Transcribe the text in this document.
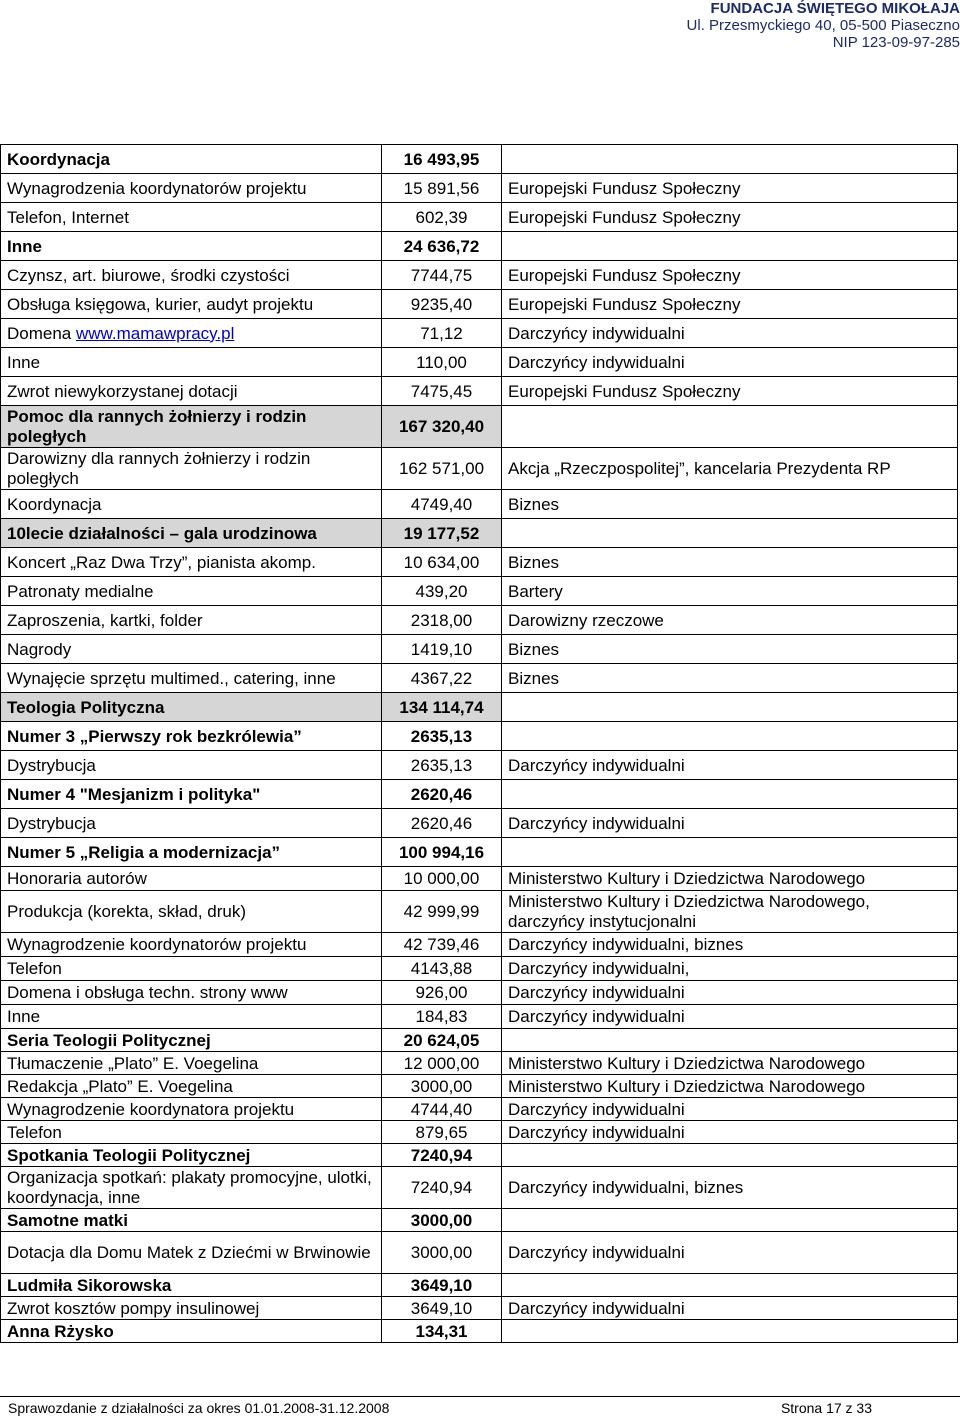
FUNDACJA ŚWIĘTEGO MIKOŁAJA
Ul. Przesmyckiego 40, 05-500 Piaseczno
NIP 123-09-97-285
Koordynacja	16 493,95	
Wynagrodzenia koordynatorów projektu	15 891,56	Europejski Fundusz Społeczny
Telefon, Internet	602,39	Europejski Fundusz Społeczny
Inne	24 636,72	
Czynsz, art. biurowe, środki czystości	7744,75	Europejski Fundusz Społeczny
Obsługa księgowa, kurier, audyt projektu	9235,40	Europejski Fundusz Społeczny
Domena www.mamawpracy.pl	71,12	Darczyńcy indywidualni
Inne	110,00	Darczyńcy indywidualni
Zwrot niewykorzystanej dotacji	7475,45	Europejski Fundusz Społeczny
Pomoc dla rannych żołnierzy i rodzin poległych	167 320,40	
Darowizny dla rannych żołnierzy i rodzin poległych	162 571,00	Akcja „Rzeczpospolitej”, kancelaria Prezydenta RP
Koordynacja	4749,40	Biznes
10lecie działalności – gala urodzinowa	19 177,52	
Koncert „Raz Dwa Trzy”, pianista akomp.	10 634,00	Biznes
Patronaty medialne	439,20	Bartery
Zaproszenia, kartki, folder	2318,00	Darowizny rzeczowe
Nagrody	1419,10	Biznes
Wynajęcie sprzętu multimed., catering, inne	4367,22	Biznes
Teologia Polityczna	134 114,74	
Numer 3 „Pierwszy rok bezkrólewia”	2635,13	
Dystrybucja	2635,13	Darczyńcy indywidualni
Numer 4 "Mesjanizm i polityka"	2620,46	
Dystrybucja	2620,46	Darczyńcy indywidualni
Numer 5 „Religia a modernizacja”	100 994,16	
Honoraria autorów	10 000,00	Ministerstwo Kultury i Dziedzictwa Narodowego
Produkcja (korekta, skład, druk)	42 999,99	Ministerstwo Kultury i Dziedzictwa Narodowego, darczyńcy instytucjonalni
Wynagrodzenie koordynatorów projektu	42 739,46	Darczyńcy indywidualni, biznes
Telefon	4143,88	Darczyńcy indywidualni,
Domena i obsługa techn. strony www	926,00	Darczyńcy indywidualni
Inne	184,83	Darczyńcy indywidualni
Seria Teologii Politycznej	20 624,05	
Tłumaczenie „Plato” E. Voegelina	12 000,00	Ministerstwo Kultury i Dziedzictwa Narodowego
Redakcja „Plato” E. Voegelina	3000,00	Ministerstwo Kultury i Dziedzictwa Narodowego
Wynagrodzenie koordynatora projektu	4744,40	Darczyńcy indywidualni
Telefon	879,65	Darczyńcy indywidualni
Spotkania Teologii Politycznej	7240,94	
Organizacja spotkań: plakaty promocyjne, ulotki, koordynacja, inne	7240,94	Darczyńcy indywidualni, biznes
Samotne matki	3000,00	
Dotacja dla Domu Matek z Dziećmi w Brwinowie	3000,00	Darczyńcy indywidualni
Ludmiła Sikorowska	3649,10	
Zwrot kosztów pompy insulinowej	3649,10	Darczyńcy indywidualni
Anna Rżysko	134,31	
Sprawozdanie z działalności za okres 01.01.2008-31.12.2008	Strona 17 z 33
